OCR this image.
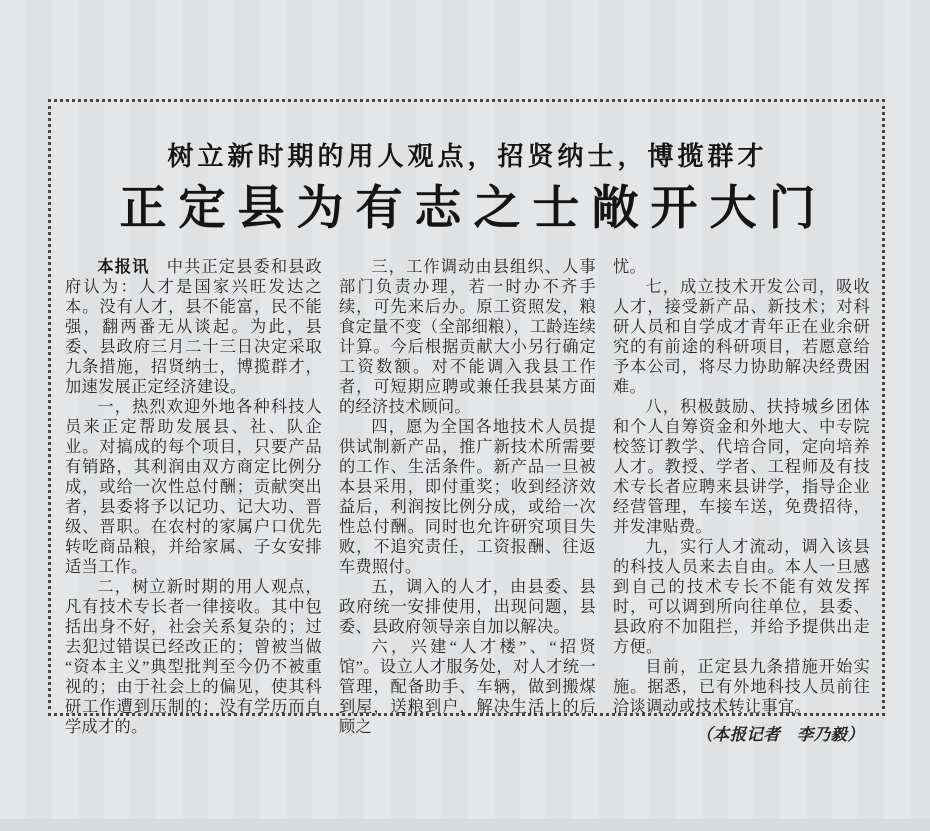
树立新时期的用人观点，招贤纳士，博揽群才
正定县为有志之士敞开大门

本报讯　中共正定县委和县政府认为：人才是国家兴旺发达之本。没有人才，县不能富，民不能强，翻两番无从谈起。为此，县委、县政府三月二十三日决定采取九条措施，招贤纳士，博揽群才，加速发展正定经济建设。

一，热烈欢迎外地各种科技人员来正定帮助发展县、社、队企业。对搞成的每个项目，只要产品有销路，其利润由双方商定比例分成，或给一次性总付酬；贡献突出者，县委将予以记功、记大功、晋级、晋职。在农村的家属户口优先转吃商品粮，并给家属、子女安排适当工作。

二，树立新时期的用人观点，凡有技术专长者一律接收。其中包括出身不好，社会关系复杂的；过去犯过错误已经改正的；曾被当做“资本主义”典型批判至今仍不被重视的；由于社会上的偏见，使其科研工作遭到压制的；没有学历而自学成才的。

三，工作调动由县组织、人事部门负责办理，若一时办不齐手续，可先来后办。原工资照发，粮食定量不变（全部细粮），工龄连续计算。今后根据贡献大小另行确定工资数额。对不能调入我县工作者，可短期应聘或兼任我县某方面的经济技术顾问。

四，愿为全国各地技术人员提供试制新产品，推广新技术所需要的工作、生活条件。新产品一旦被本县采用，即付重奖；收到经济效益后，利润按比例分成，或给一次性总付酬。同时也允许研究项目失败，不追究责任，工资报酬、往返车费照付。

五，调入的人才，由县委、县政府统一安排使用，出现问题，县委、县政府领导亲自加以解决。

六，兴建“人才楼”、“招贤馆”。设立人才服务处，对人才统一管理，配备助手、车辆，做到搬煤到屋，送粮到户，解决生活上的后顾之

忧。

七，成立技术开发公司，吸收人才，接受新产品、新技术；对科研人员和自学成才青年正在业余研究的有前途的科研项目，若愿意给予本公司，将尽力协助解决经费困难。

八，积极鼓励、扶持城乡团体和个人自筹资金和外地大、中专院校签订教学、代培合同，定向培养人才。教授、学者、工程师及有技术专长者应聘来县讲学，指导企业经营管理，车接车送，免费招待，并发津贴费。

九，实行人才流动，调入该县的科技人员来去自由。本人一旦感到自己的技术专长不能有效发挥时，可以调到所向往单位，县委、县政府不加阻拦，并给予提供出走方便。

目前，正定县九条措施开始实施。据悉，已有外地科技人员前往洽谈调动或技术转让事宜。

（本报记者　李乃毅）
